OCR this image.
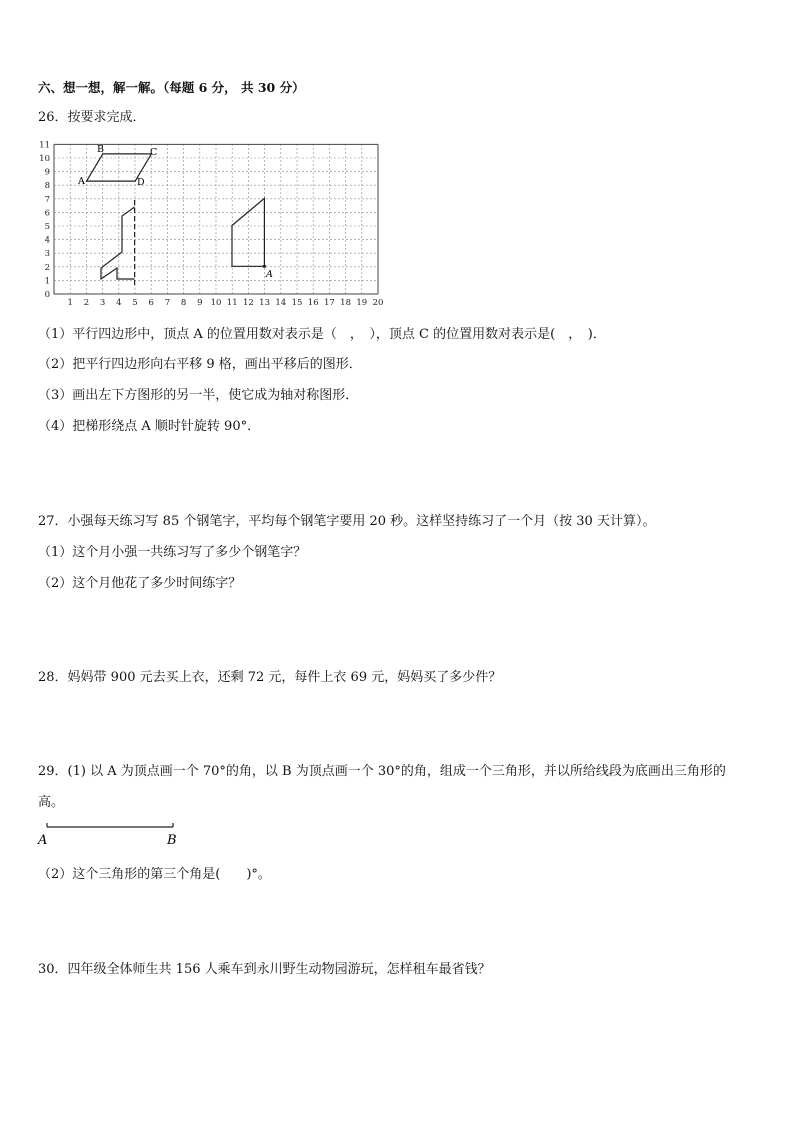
六、想一想，解一解。（每题 6 分， 共 30 分）
26．按要求完成．
0
1
2
3
4
5
6
7
8
9
10
11
1 2 3 4 5 6 7 8 9 10 11 12 13 14 15 16 17 18 19 20
A
B	C
D
A
（1）平行四边形中，顶点 A 的位置用数对表示是（　，　），顶点 C 的位置用数对表示是(　，　)．
（2）把平行四边形向右平移 9 格，画出平移后的图形．
（3）画出左下方图形的另一半，使它成为轴对称图形．
（4）把梯形绕点 A 顺时针旋转 90°．
27．小强每天练习写 85 个钢笔字，平均每个钢笔字要用 20 秒。这样坚持练习了一个月（按 30 天计算）。
（1）这个月小强一共练习写了多少个钢笔字？
（2）这个月他花了多少时间练字？
28．妈妈带 900 元去买上衣，还剩 72 元，每件上衣 69 元，妈妈买了多少件？
29．(1) 以 A 为顶点画一个 70°的角，以 B 为顶点画一个 30°的角，组成一个三角形，并以所给线段为底画出三角形的
高。
A	B
（2）这个三角形的第三个角是(　　)°。
30．四年级全体师生共 156 人乘车到永川野生动物园游玩，怎样租车最省钱？
